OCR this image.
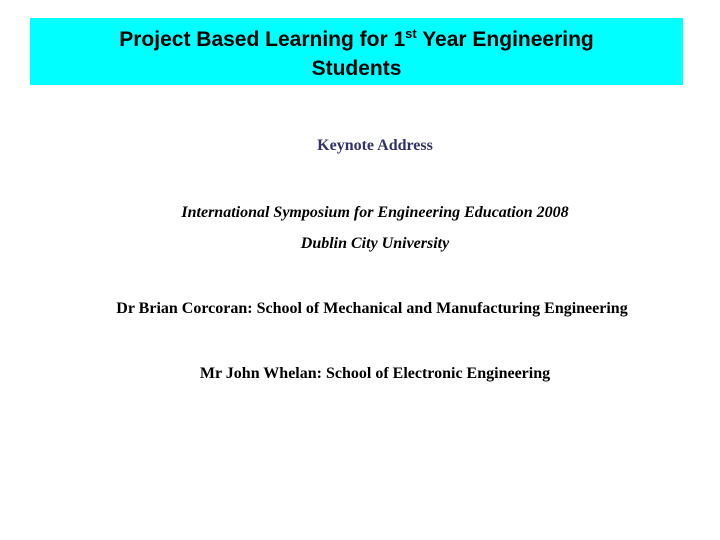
Project Based Learning for 1st Year Engineering
Students
Keynote Address
International Symposium for Engineering Education 2008
Dublin City University
Dr Brian Corcoran: School of Mechanical and Manufacturing Engineering
Mr John Whelan: School of Electronic Engineering
